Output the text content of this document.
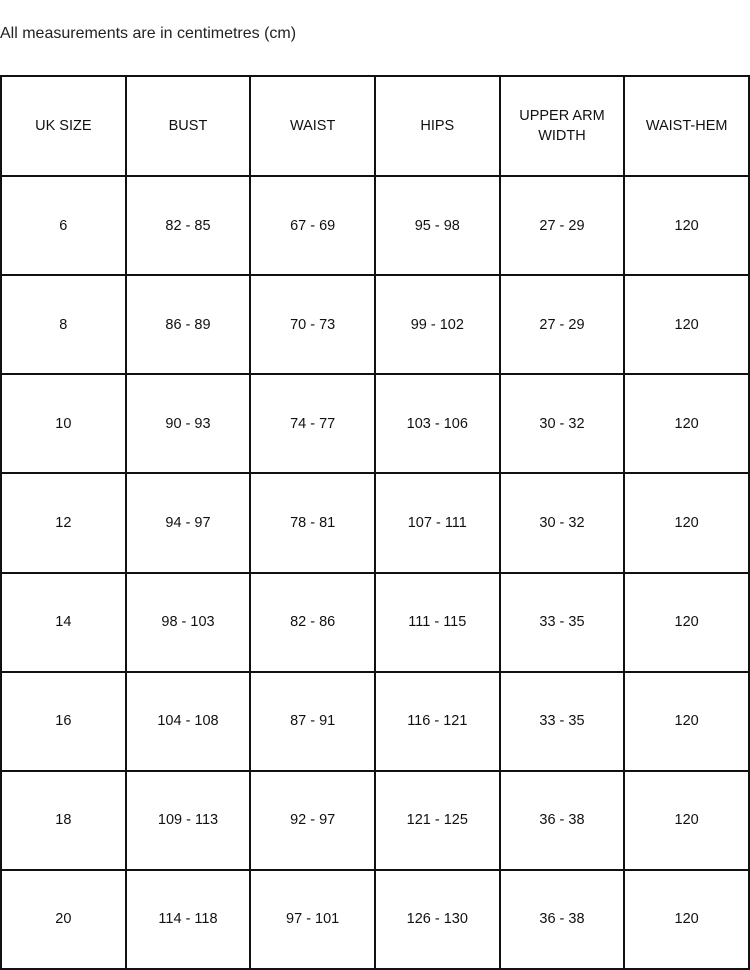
All measurements are in centimetres (cm)
UK SIZE	BUST	WAIST	HIPS	UPPER ARM WIDTH	WAIST-HEM
6	82 - 85	67 - 69	95 - 98	27 - 29	120
8	86 - 89	70 - 73	99 - 102	27 - 29	120
10	90 - 93	74 - 77	103 - 106	30 - 32	120
12	94 - 97	78 - 81	107 - 111	30 - 32	120
14	98 - 103	82 - 86	111 - 115	33 - 35	120
16	104 - 108	87 - 91	116 - 121	33 - 35	120
18	109 - 113	92 - 97	121 - 125	36 - 38	120
20	114 - 118	97 - 101	126 - 130	36 - 38	120
